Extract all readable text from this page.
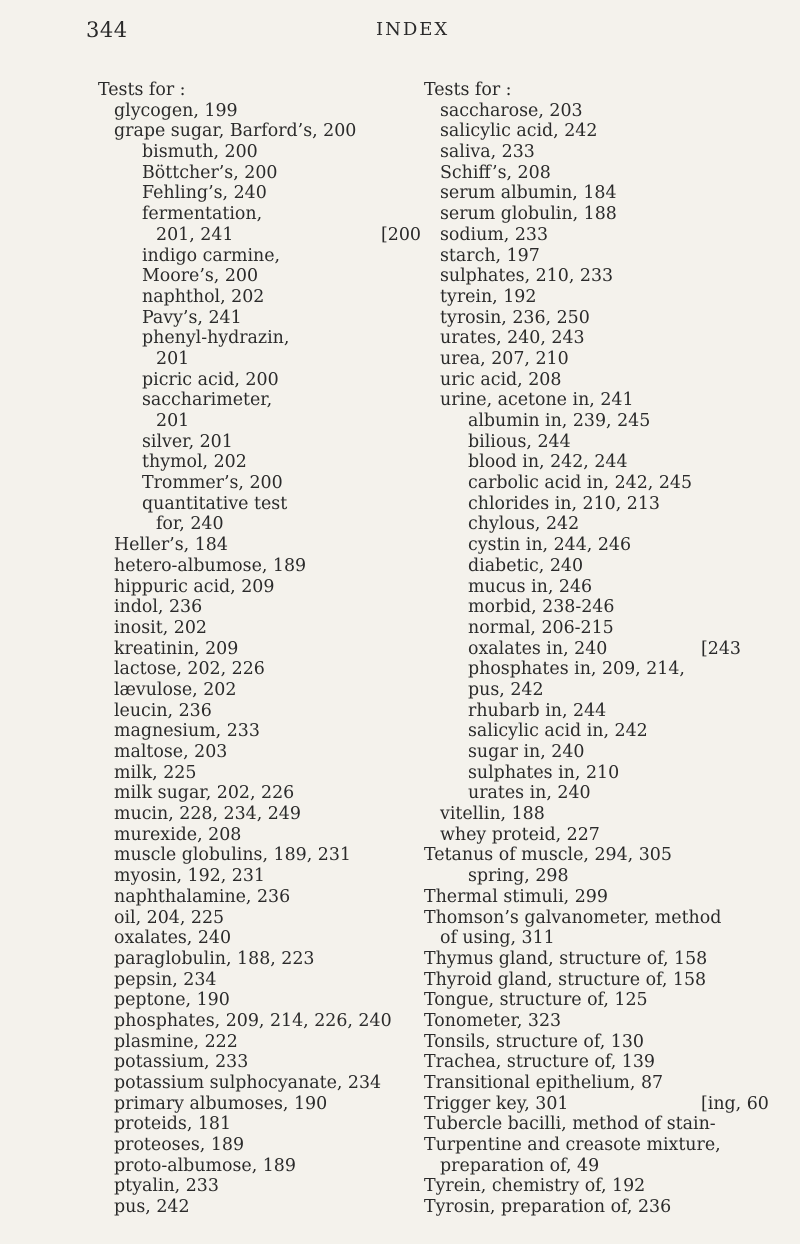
344	INDEX
Tests for :
glycogen, 199
grape sugar, Barford’s, 200
bismuth, 200
Böttcher’s, 200
Fehling’s, 240
fermentation,
201, 241	[200
indigo carmine,
Moore’s, 200
naphthol, 202
Pavy’s, 241
phenyl-hydrazin,
201
picric acid, 200
saccharimeter,
201
silver, 201
thymol, 202
Trommer’s, 200
quantitative test
for, 240
Heller’s, 184
hetero-albumose, 189
hippuric acid, 209
indol, 236
inosit, 202
kreatinin, 209
lactose, 202, 226
lævulose, 202
leucin, 236
magnesium, 233
maltose, 203
milk, 225
milk sugar, 202, 226
mucin, 228, 234, 249
murexide, 208
muscle globulins, 189, 231
myosin, 192, 231
naphthalamine, 236
oil, 204, 225
oxalates, 240
paraglobulin, 188, 223
pepsin, 234
peptone, 190
phosphates, 209, 214, 226, 240
plasmine, 222
potassium, 233
potassium sulphocyanate, 234
primary albumoses, 190
proteids, 181
proteoses, 189
proto-albumose, 189
ptyalin, 233
pus, 242
Tests for :
saccharose, 203
salicylic acid, 242
saliva, 233
Schiff’s, 208
serum albumin, 184
serum globulin, 188
sodium, 233
starch, 197
sulphates, 210, 233
tyrein, 192
tyrosin, 236, 250
urates, 240, 243
urea, 207, 210
uric acid, 208
urine, acetone in, 241
albumin in, 239, 245
bilious, 244
blood in, 242, 244
carbolic acid in, 242, 245
chlorides in, 210, 213
chylous, 242
cystin in, 244, 246
diabetic, 240
mucus in, 246
morbid, 238-246
normal, 206-215
oxalates in, 240	[243
phosphates in, 209, 214,
pus, 242
rhubarb in, 244
salicylic acid in, 242
sugar in, 240
sulphates in, 210
urates in, 240
vitellin, 188
whey proteid, 227
Tetanus of muscle, 294, 305
spring, 298
Thermal stimuli, 299
Thomson’s galvanometer, method
of using, 311
Thymus gland, structure of, 158
Thyroid gland, structure of, 158
Tongue, structure of, 125
Tonometer, 323
Tonsils, structure of, 130
Trachea, structure of, 139
Transitional epithelium, 87
Trigger key, 301	[ing, 60
Tubercle bacilli, method of stain-
Turpentine and creasote mixture,
preparation of, 49
Tyrein, chemistry of, 192
Tyrosin, preparation of, 236
